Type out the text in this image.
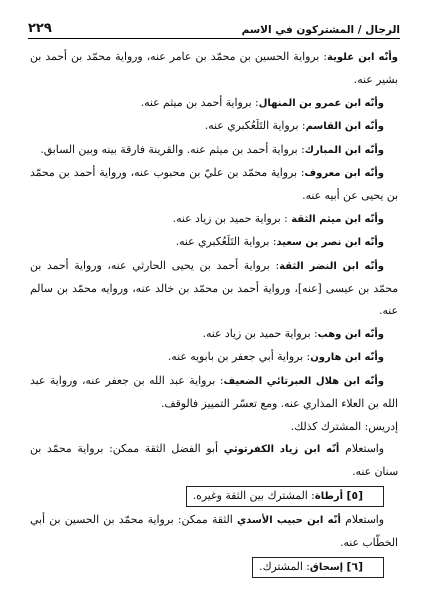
الرجال / المشتركون في الاسم
٢٢٩

وأنّه ابن علوية: برواية الحسين بن محمّد بن عامر عنه، ورواية محمّد بن أحمد بن بشير عنه.

وأنّه ابن عمرو بن المنهال: برواية أحمد بن ميثم عنه.

وأنّه ابن القاسم: برواية التَلَعُكبري عنه.

وأنّه ابن المبارك: برواية أحمد بن ميثم عنه. والقرينة فارقة بينه وبين السابق.

وأنّه ابن معروف: برواية محمّد بن عليّ بن محبوب عنه، ورواية أحمد بن محمّد بن يحيى عن أبيه عنه.

وأنّه ابن ميثم الثقة : برواية حميد بن زياد عنه.

وأنّه ابن نصر بن سعيد: برواية التَلَعُكبري عنه.

وأنّه ابن النضر الثقة: برواية أحمد بن يحيى الحارثي عنه، ورواية أحمد بن محمّد بن عيسى [عنه]، ورواية أحمد بن محمّد بن خالد عنه، وروايه محمّد بن سالم عنه.

وأنّه ابن وهب: برواية حميد بن زياد عنه.

وأنّه ابن هارون: برواية أبي جعفر بن بابويه عنه.

وأنّه ابن هلال العبرتائي الضعيف: برواية عبد الله بن جعفر عنه، ورواية عبد الله بن العلاء المذاري عنه. ومع تعسّر التمييز فالوقف.

إدريس: المشترك كذلك.

واستعلام أنّه ابن زياد الكفرتوثي أبو الفضل الثقة ممكن: برواية محمّد بن سنان عنه.

[٥] أرطاة: المشترك بين الثقة وغيره.

واستعلام أنّه ابن حبيب الأسدي الثقة ممكن: برواية محمّد بن الحسين بن أبي الخطّاب عنه.

[٦] إسحاق: المشترك.
